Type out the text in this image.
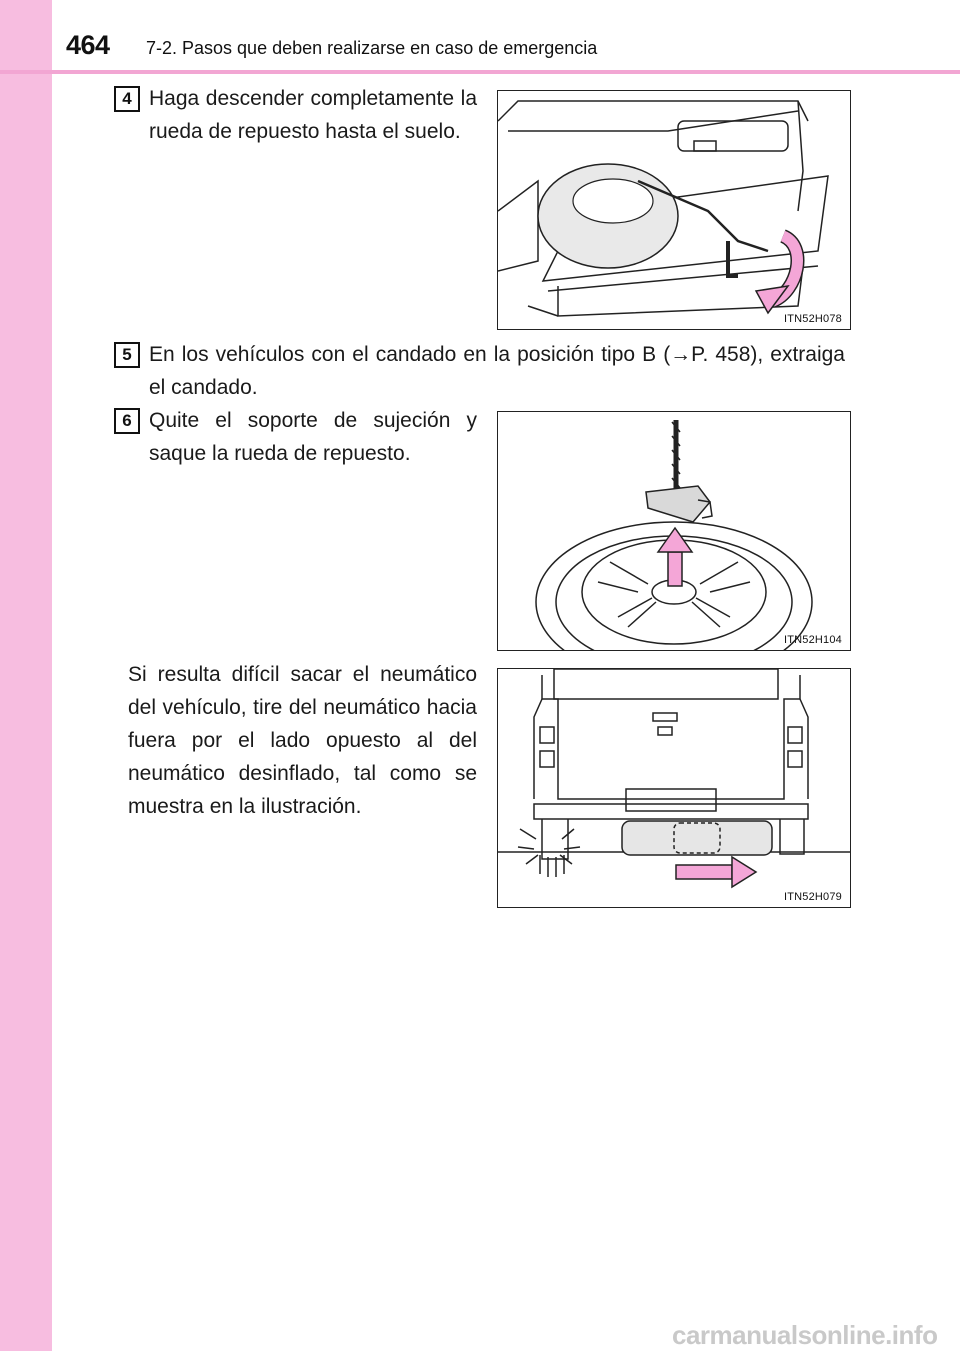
464 7-2. Pasos que deben realizarse en caso de emergencia
4 Haga descender completamente la rueda de repuesto hasta el suelo.
ITN52H078
5 En los vehículos con el candado en la posición tipo B (→P. 458), extraiga el candado.
6 Quite el soporte de sujeción y saque la rueda de repuesto.
ITN52H104
Si resulta difícil sacar el neumático del vehículo, tire del neumático hacia fuera por el lado opuesto al del neumático desinflado, tal como se muestra en la ilustración.
ITN52H079
carmanualsonline.info
